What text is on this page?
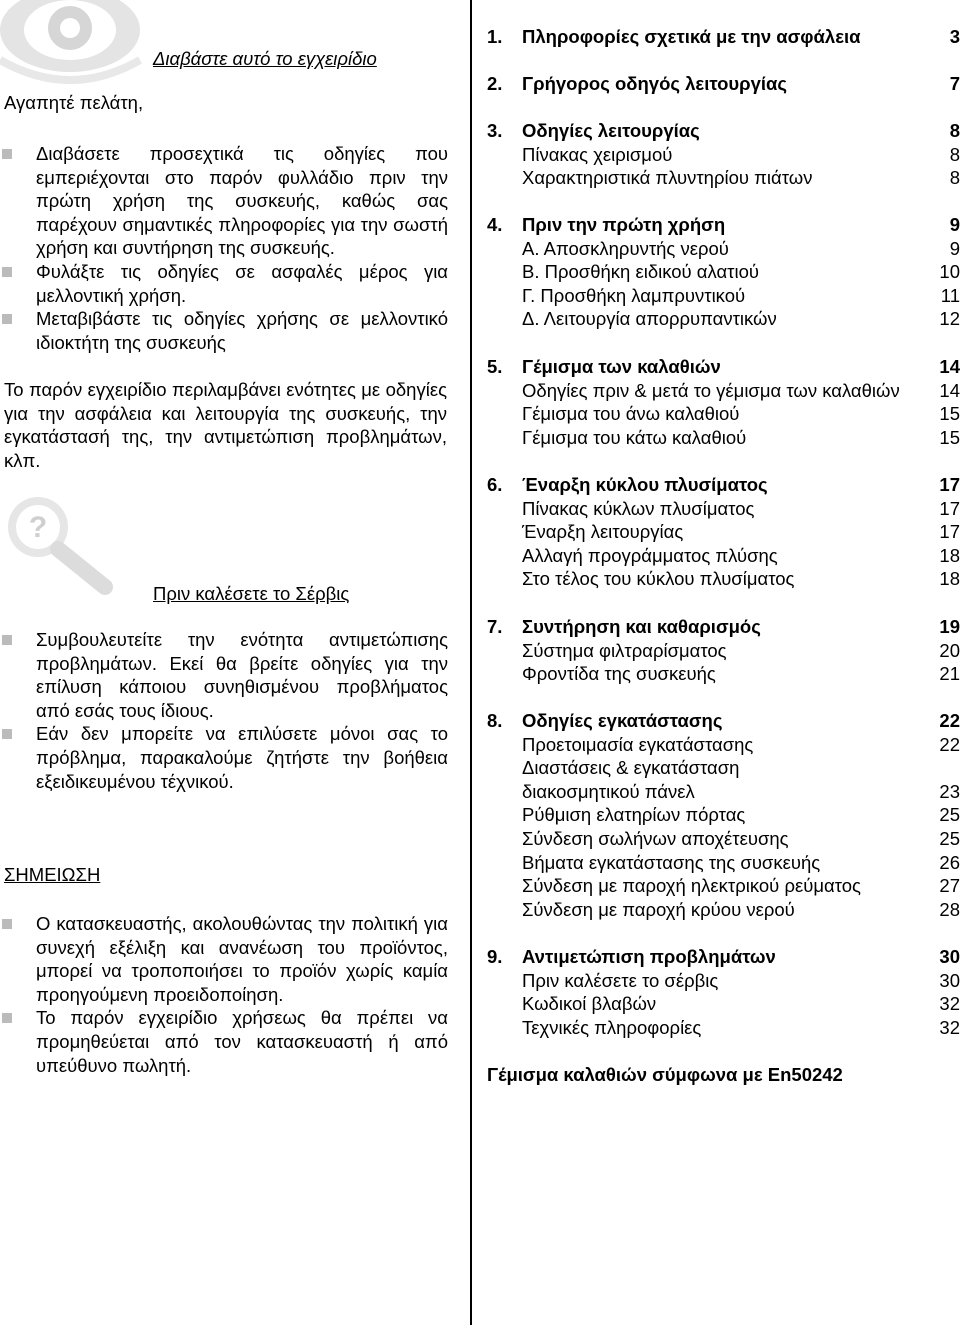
Διαβάστε αυτό το εγχειρίδιο
Αγαπητέ πελάτη,
Διαβάσετε προσεχτικά τις οδηγίες που εμπεριέχονται στο παρόν φυλλάδιο πριν την πρώτη χρήση της συσκευής, καθώς σας παρέχουν σημαντικές πληροφορίες για την σωστή χρήση και συντήρηση της συσκευής.
Φυλάξτε τις οδηγίες σε ασφαλές μέρος για μελλοντική χρήση.
Μεταβιβάστε τις οδηγίες χρήσης σε μελλοντικό ιδιοκτήτη της συσκευής
Το παρόν εγχειρίδιο περιλαμβάνει ενότητες με οδηγίες για την ασφάλεια και λειτουργία της συσκευής, την εγκατάστασή της, την αντιμετώπιση προβλημάτων, κλπ.
?
Πριν καλέσετε το Σέρβις
Συμβουλευτείτε την ενότητα αντιμετώπισης προβλημάτων. Εκεί θα βρείτε οδηγίες για την επίλυση κάποιου συνηθισμένου προβλήματος από εσάς τους ίδιους.
Εάν δεν μπορείτε να επιλύσετε μόνοι σας το πρόβλημα, παρακαλούμε ζητήστε την βοήθεια εξειδικευμένου τέχνικού.
ΣΗΜΕΙΩΣΗ
Ο κατασκευαστής, ακολουθώντας την πολιτική για συνεχή εξέλιξη και ανανέωση του προϊόντος, μπορεί να τροποποιήσει το προϊόν χωρίς καμία προηγούμενη προειδοποίηση.
Το παρόν εγχειρίδιο χρήσεως θα πρέπει να προμηθεύεται από τον κατασκευαστή ή από υπεύθυνο πωλητή.
1.	Πληροφορίες σχετικά με την ασφάλεια	3
2.	Γρήγορος οδηγός λειτουργίας	7
3.	Οδηγίες λειτουργίας	8
Πίνακας χειρισμού	8
Χαρακτηριστικά πλυντηρίου πιάτων	8
4.	Πριν την πρώτη χρήση	9
Α. Αποσκληρυντής νερού	9
Β. Προσθήκη ειδικού αλατιού	10
Γ. Προσθήκη λαμπρυντικού	11
Δ. Λειτουργία απορρυπαντικών	12
5.	Γέμισμα των καλαθιών	14
Οδηγίες πριν & μετά το γέμισμα των καλαθιών	14
Γέμισμα του άνω καλαθιού	15
Γέμισμα του κάτω καλαθιού	15
6.	Έναρξη κύκλου πλυσίματος	17
Πίνακας κύκλων πλυσίματος	17
Έναρξη λειτουργίας	17
Αλλαγή προγράμματος πλύσης	18
Στο τέλος του κύκλου πλυσίματος	18
7.	Συντήρηση και καθαρισμός	19
Σύστημα φιλτραρίσματος	20
Φροντίδα της συσκευής	21
8.	Οδηγίες εγκατάστασης	22
Προετοιμασία εγκατάστασης	22
Διαστάσεις & εγκατάσταση
διακοσμητικού πάνελ	23
Ρύθμιση ελατηρίων πόρτας	25
Σύνδεση σωλήνων αποχέτευσης	25
Βήματα εγκατάστασης της συσκευής	26
Σύνδεση με παροχή ηλεκτρικού ρεύματος	27
Σύνδεση με παροχή κρύου νερού	28
9.	Αντιμετώπιση προβλημάτων	30
Πριν καλέσετε το σέρβις	30
Κωδικοί βλαβών	32
Τεχνικές πληροφορίες	32
Γέμισμα καλαθιών σύμφωνα με En50242
